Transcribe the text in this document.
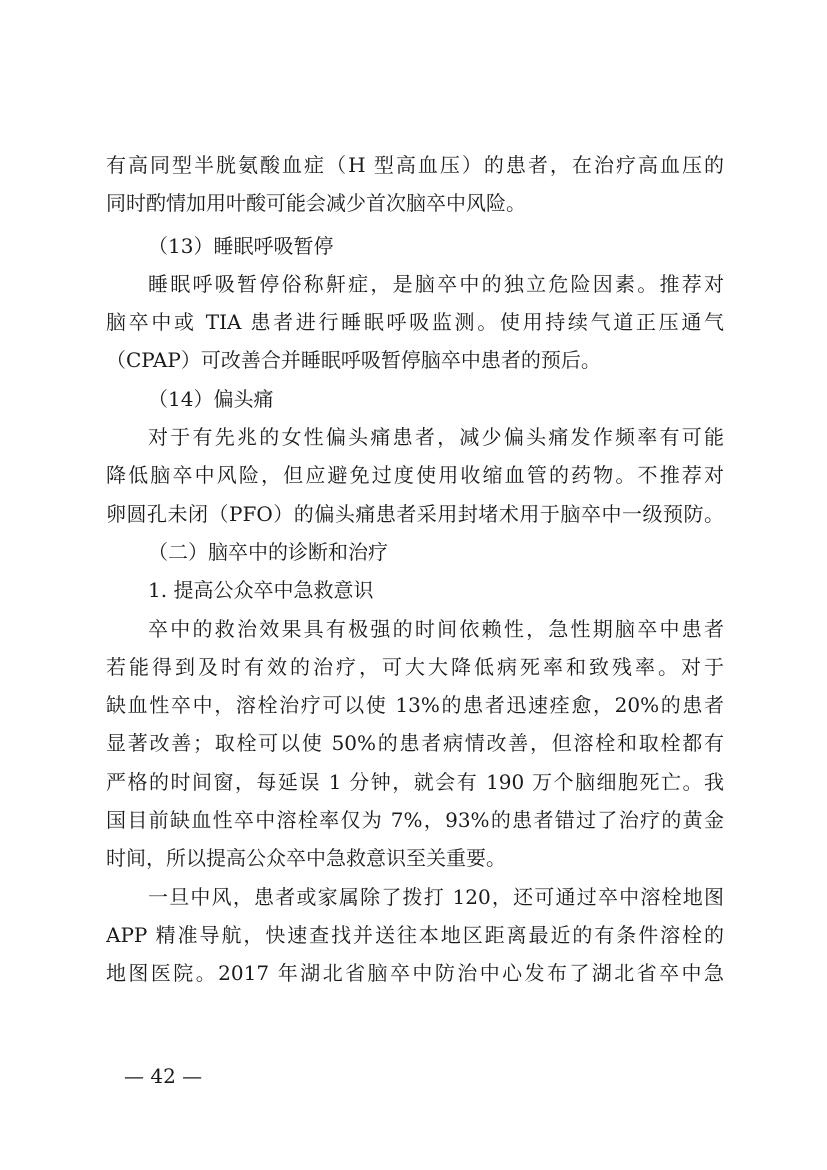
有高同型半胱氨酸血症（H 型高血压）的患者，在治疗高血压的
同时酌情加用叶酸可能会减少首次脑卒中风险。
（13）睡眠呼吸暂停
睡眠呼吸暂停俗称鼾症，是脑卒中的独立危险因素。推荐对
脑卒中或 TIA 患者进行睡眠呼吸监测。使用持续气道正压通气
（CPAP）可改善合并睡眠呼吸暂停脑卒中患者的预后。
（14）偏头痛
对于有先兆的女性偏头痛患者，减少偏头痛发作频率有可能
降低脑卒中风险，但应避免过度使用收缩血管的药物。不推荐对
卵圆孔未闭（PFO）的偏头痛患者采用封堵术用于脑卒中一级预防。
（二）脑卒中的诊断和治疗
1. 提高公众卒中急救意识
卒中的救治效果具有极强的时间依赖性，急性期脑卒中患者
若能得到及时有效的治疗，可大大降低病死率和致残率。对于
缺血性卒中，溶栓治疗可以使 13%的患者迅速痊愈，20%的患者
显著改善；取栓可以使 50%的患者病情改善，但溶栓和取栓都有
严格的时间窗，每延误 1 分钟，就会有 190 万个脑细胞死亡。我
国目前缺血性卒中溶栓率仅为 7%，93%的患者错过了治疗的黄金
时间，所以提高公众卒中急救意识至关重要。
一旦中风，患者或家属除了拨打 120，还可通过卒中溶栓地图
APP 精准导航，快速查找并送往本地区距离最近的有条件溶栓的
地图医院。2017 年湖北省脑卒中防治中心发布了湖北省卒中急
— 42 —
